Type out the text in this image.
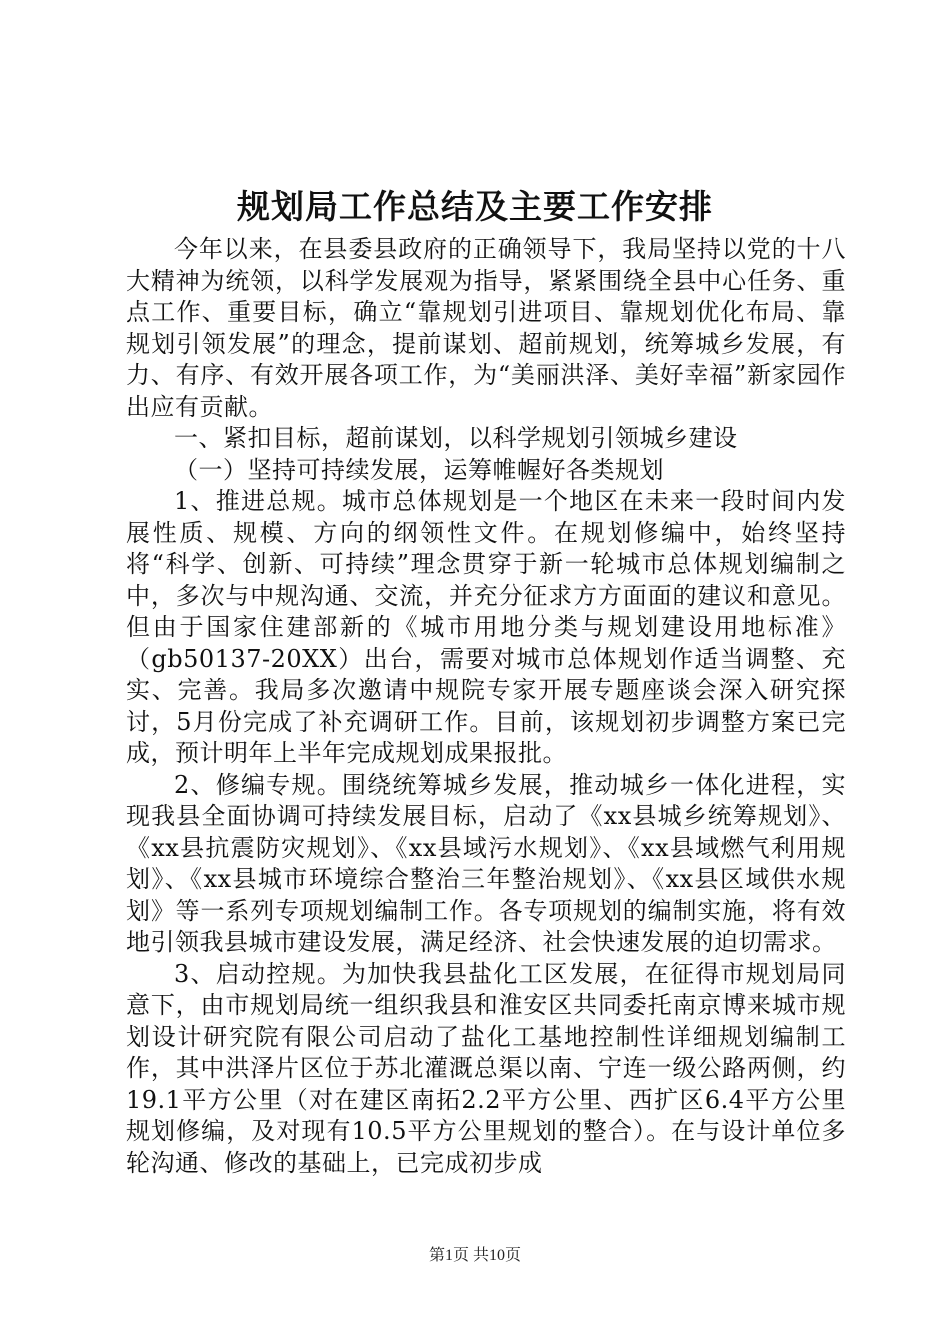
规划局工作总结及主要工作安排

今年以来，在县委县政府的正确领导下，我局坚持以党的十八大精神为统领，以科学发展观为指导，紧紧围绕全县中心任务、重点工作、重要目标，确立“靠规划引进项目、靠规划优化布局、靠规划引领发展”的理念，提前谋划、超前规划，统筹城乡发展，有力、有序、有效开展各项工作，为“美丽洪泽、美好幸福”新家园作出应有贡献。

一、紧扣目标，超前谋划，以科学规划引领城乡建设

（一）坚持可持续发展，运筹帷幄好各类规划

1、推进总规。城市总体规划是一个地区在未来一段时间内发展性质、规模、方向的纲领性文件。在规划修编中，始终坚持将“科学、创新、可持续”理念贯穿于新一轮城市总体规划编制之中，多次与中规沟通、交流，并充分征求方方面面的建议和意见。但由于国家住建部新的《城市用地分类与规划建设用地标准》（gb50137-20XX）出台，需要对城市总体规划作适当调整、充实、完善。我局多次邀请中规院专家开展专题座谈会深入研究探讨，5月份完成了补充调研工作。目前，该规划初步调整方案已完成，预计明年上半年完成规划成果报批。

2、修编专规。围绕统筹城乡发展，推动城乡一体化进程，实现我县全面协调可持续发展目标，启动了《xx县城乡统筹规划》、《xx县抗震防灾规划》、《xx县域污水规划》、《xx县域燃气利用规划》、《xx县城市环境综合整治三年整治规划》、《xx县区域供水规划》等一系列专项规划编制工作。各专项规划的编制实施，将有效地引领我县城市建设发展，满足经济、社会快速发展的迫切需求。

3、启动控规。为加快我县盐化工区发展，在征得市规划局同意下，由市规划局统一组织我县和淮安区共同委托南京博来城市规划设计研究院有限公司启动了盐化工基地控制性详细规划编制工作，其中洪泽片区位于苏北灌溉总渠以南、宁连一级公路两侧，约19.1平方公里（对在建区南拓2.2平方公里、西扩区6.4平方公里规划修编，及对现有10.5平方公里规划的整合）。在与设计单位多轮沟通、修改的基础上，已完成初步成

第1页 共10页
